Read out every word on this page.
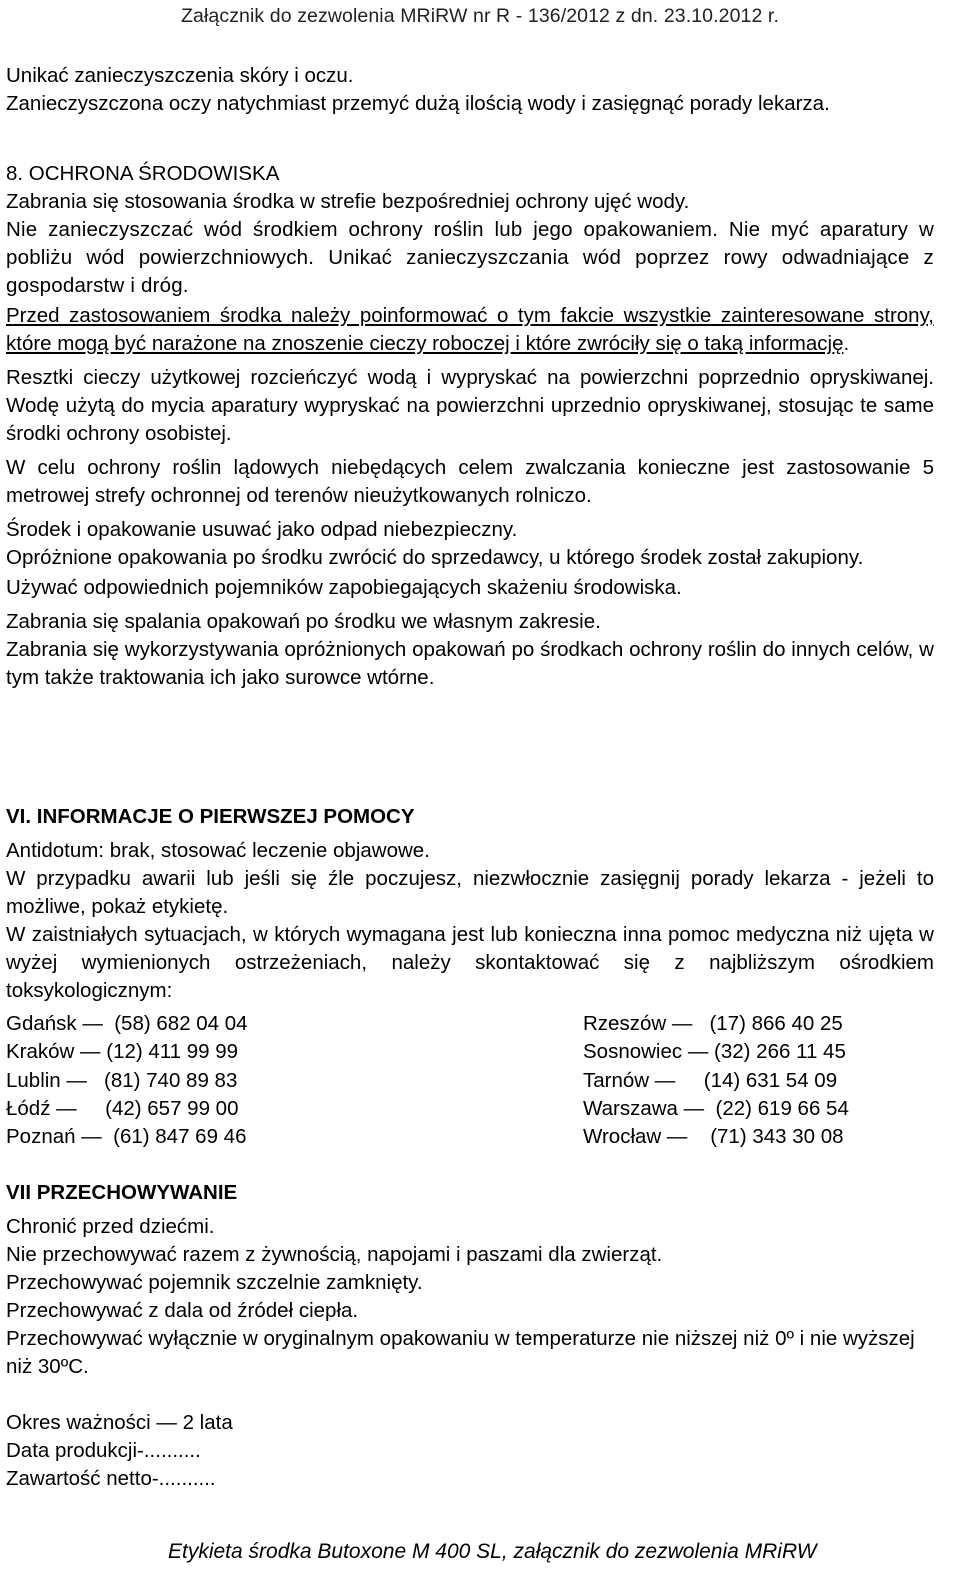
Załącznik do zezwolenia MRiRW nr R - 136/2012 z dn. 23.10.2012 r.

Unikać zanieczyszczenia skóry i oczu.

Zanieczyszczona oczy natychmiast przemyć dużą ilością wody i zasięgnąć porady lekarza.

8. OCHRONA ŚRODOWISKA

Zabrania się stosowania środka w strefie bezpośredniej ochrony ujęć wody.

Nie zanieczyszczać wód środkiem ochrony roślin lub jego opakowaniem. Nie myć aparatury w pobliżu wód powierzchniowych. Unikać zanieczyszczania wód poprzez rowy odwadniające z gospodarstw i dróg.

Przed zastosowaniem środka należy poinformować o tym fakcie wszystkie zainteresowane strony, które mogą być narażone na znoszenie cieczy roboczej i które zwróciły się o taką informację.

Resztki cieczy użytkowej rozcieńczyć wodą i wypryskać na powierzchni poprzednio opryskiwanej. Wodę użytą do mycia aparatury wypryskać na powierzchni uprzednio opryskiwanej, stosując te same środki ochrony osobistej.

W celu ochrony roślin lądowych niebędących celem zwalczania konieczne jest zastosowanie 5 metrowej strefy ochronnej od terenów nieużytkowanych rolniczo.

Środek i opakowanie usuwać jako odpad niebezpieczny.

Opróżnione opakowania po środku zwrócić do sprzedawcy, u którego środek został zakupiony.

Używać odpowiednich pojemników zapobiegających skażeniu środowiska.

Zabrania się spalania opakowań po środku we własnym zakresie.

Zabrania się wykorzystywania opróżnionych opakowań po środkach ochrony roślin do innych celów, w tym także traktowania ich jako surowce wtórne.

VI. INFORMACJE O PIERWSZEJ POMOCY

Antidotum: brak, stosować leczenie objawowe.

W przypadku awarii lub jeśli się źle poczujesz, niezwłocznie zasięgnij porady lekarza - jeżeli to możliwe, pokaż etykietę.

W zaistniałych sytuacjach, w których wymagana jest lub konieczna inna pomoc medyczna niż ujęta w wyżej wymienionych ostrzeżeniach, należy skontaktować się z najbliższym ośrodkiem toksykologicznym:

Gdańsk —  (58) 682 04 04	Rzeszów —   (17) 866 40 25
Kraków — (12) 411 99 99	Sosnowiec — (32) 266 11 45
Lublin —   (81) 740 89 83	Tarnów —     (14) 631 54 09
Łódź —     (42) 657 99 00	Warszawa —  (22) 619 66 54
Poznań —  (61) 847 69 46	Wrocław —    (71) 343 30 08

VII PRZECHOWYWANIE

Chronić przed dziećmi.

Nie przechowywać razem z żywnością, napojami i paszami dla zwierząt.

Przechowywać pojemnik szczelnie zamknięty.

Przechowywać z dala od źródeł ciepła.

Przechowywać wyłącznie w oryginalnym opakowaniu w temperaturze nie niższej niż 0º i nie wyższej niż 30ºC.

Okres ważności — 2 lata

Data produkcji-..........

Zawartość netto-..........

Etykieta środka Butoxone M 400 SL, załącznik do zezwolenia MRiRW
